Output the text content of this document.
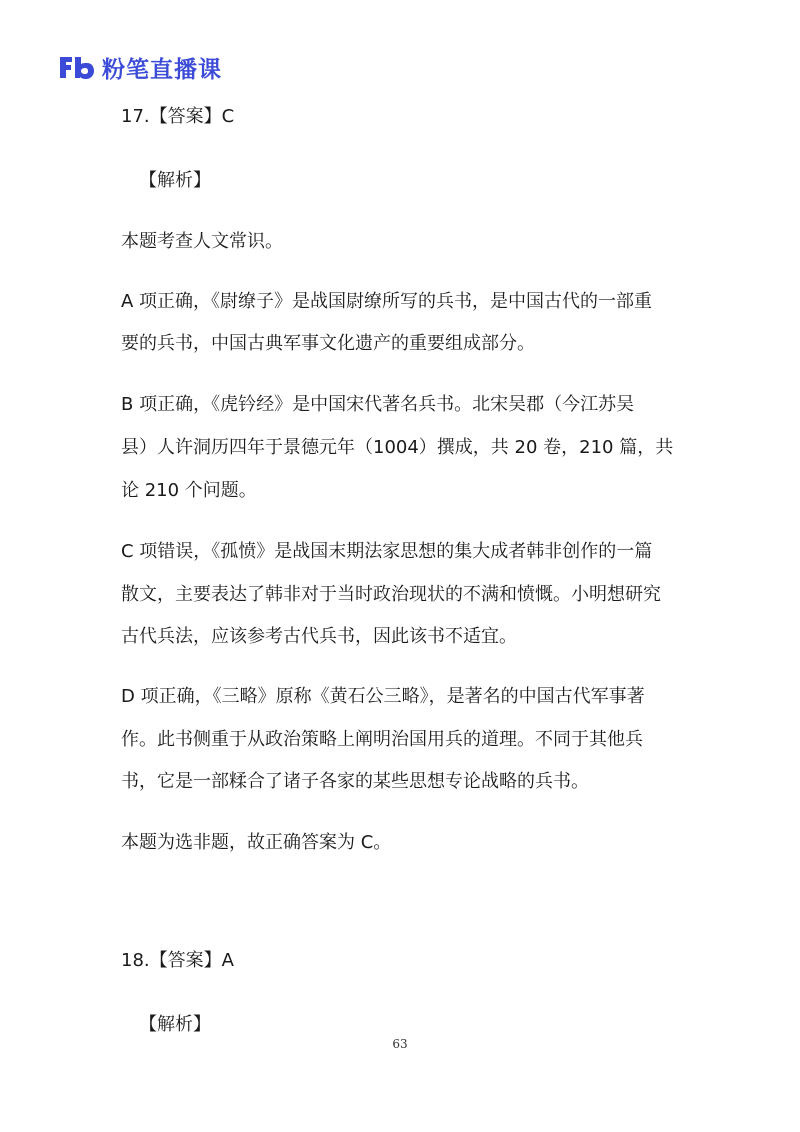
粉笔直播课
17.【答案】C
【解析】
本题考查人文常识。
A 项正确，《尉缭子》是战国尉缭所写的兵书，是中国古代的一部重
要的兵书，中国古典军事文化遗产的重要组成部分。
B 项正确，《虎钤经》是中国宋代著名兵书。北宋吴郡（今江苏吴
县）人许洞历四年于景德元年（1004）撰成，共 20 卷，210 篇，共
论 210 个问题。
C 项错误，《孤愤》是战国末期法家思想的集大成者韩非创作的一篇
散文，主要表达了韩非对于当时政治现状的不满和愤慨。小明想研究
古代兵法，应该参考古代兵书，因此该书不适宜。
D 项正确，《三略》原称《黄石公三略》，是著名的中国古代军事著
作。此书侧重于从政治策略上阐明治国用兵的道理。不同于其他兵
书，它是一部糅合了诸子各家的某些思想专论战略的兵书。
本题为选非题，故正确答案为 C。
18.【答案】A
【解析】
63
